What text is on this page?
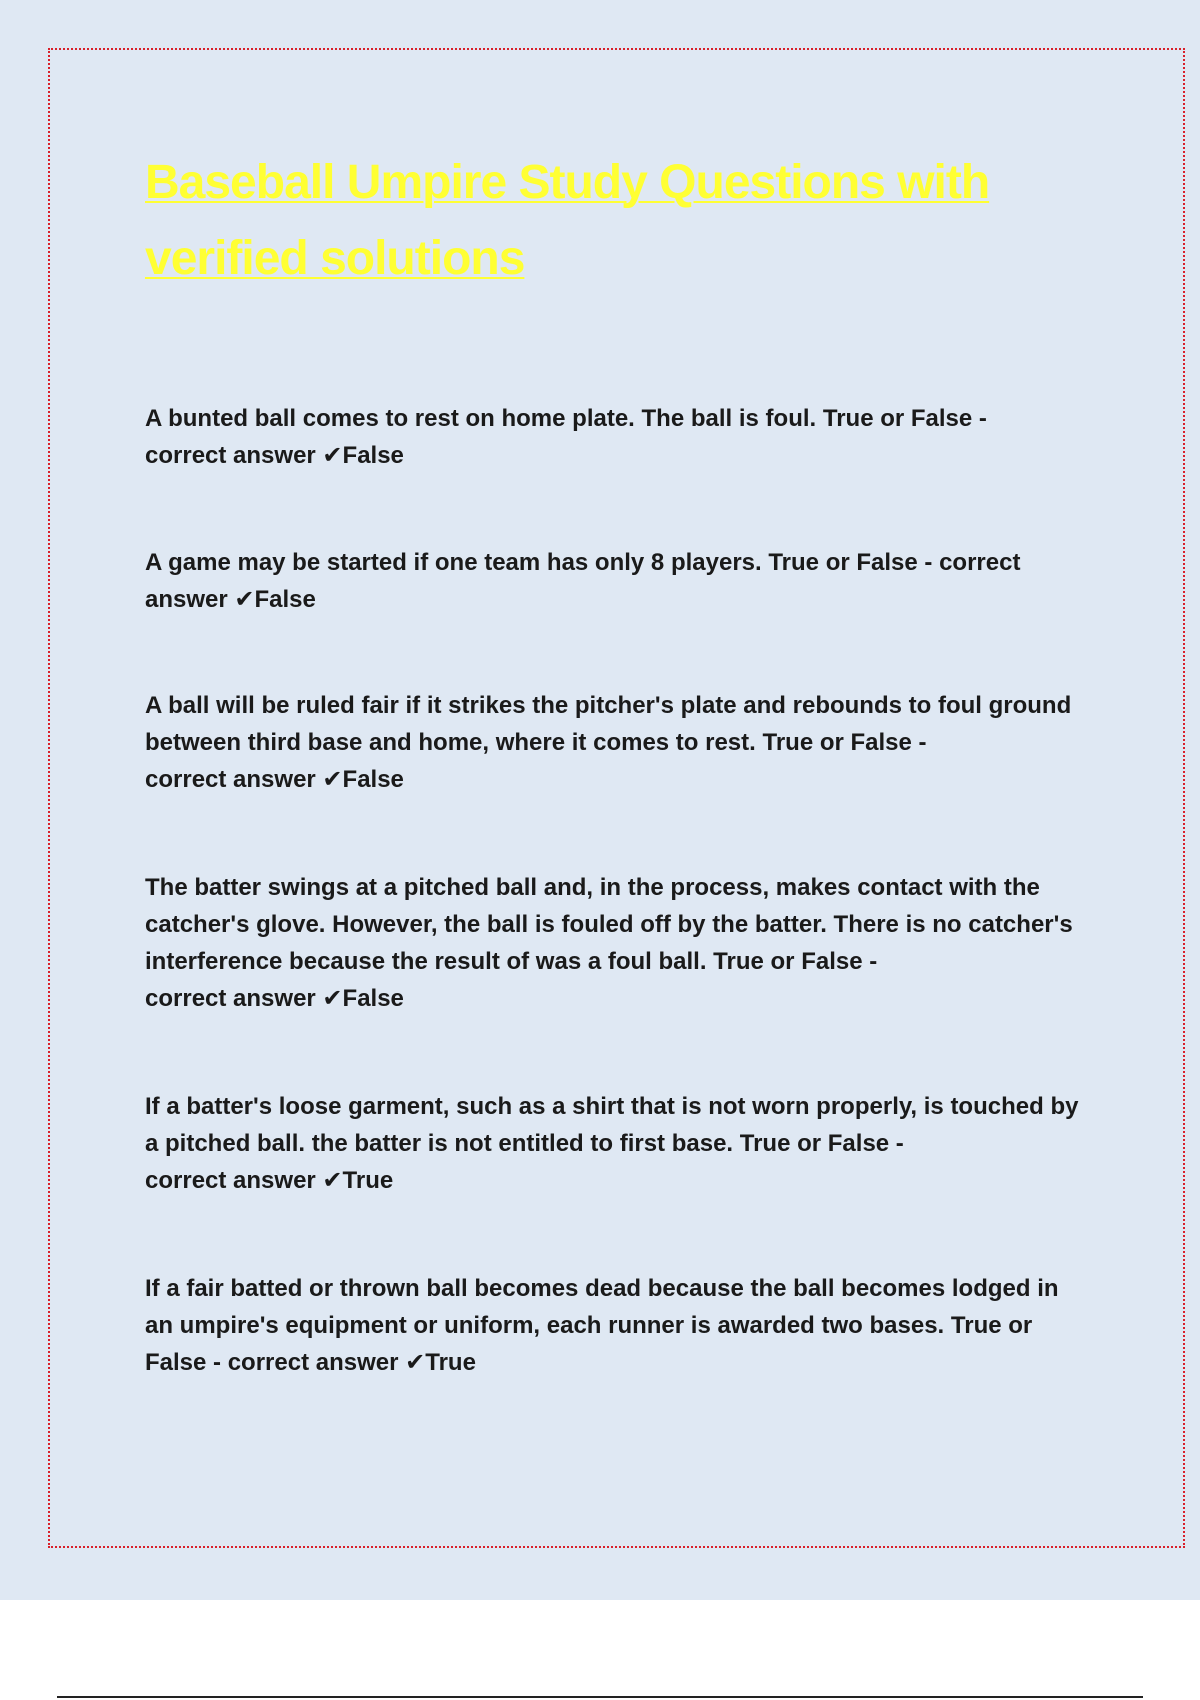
Baseball Umpire Study Questions with verified solutions

A bunted ball comes to rest on home plate. The ball is foul. True or False - correct answer ✔False

A game may be started if one team has only 8 players. True or False - correct
answer ✔False

A ball will be ruled fair if it strikes the pitcher's plate and rebounds to foul ground between third base and home, where it comes to rest. True or False - correct answer ✔False

The batter swings at a pitched ball and, in the process, makes contact with the catcher's glove. However, the ball is fouled off by the batter. There is no catcher's interference because the result of was a foul ball. True or False - correct answer ✔False

If a batter's loose garment, such as a shirt that is not worn properly, is touched by a pitched ball. the batter is not entitled to first base. True or False - correct answer ✔True

If a fair batted or thrown ball becomes dead because the ball becomes lodged in an umpire's equipment or uniform, each runner is awarded two bases. True or False - correct answer ✔True
